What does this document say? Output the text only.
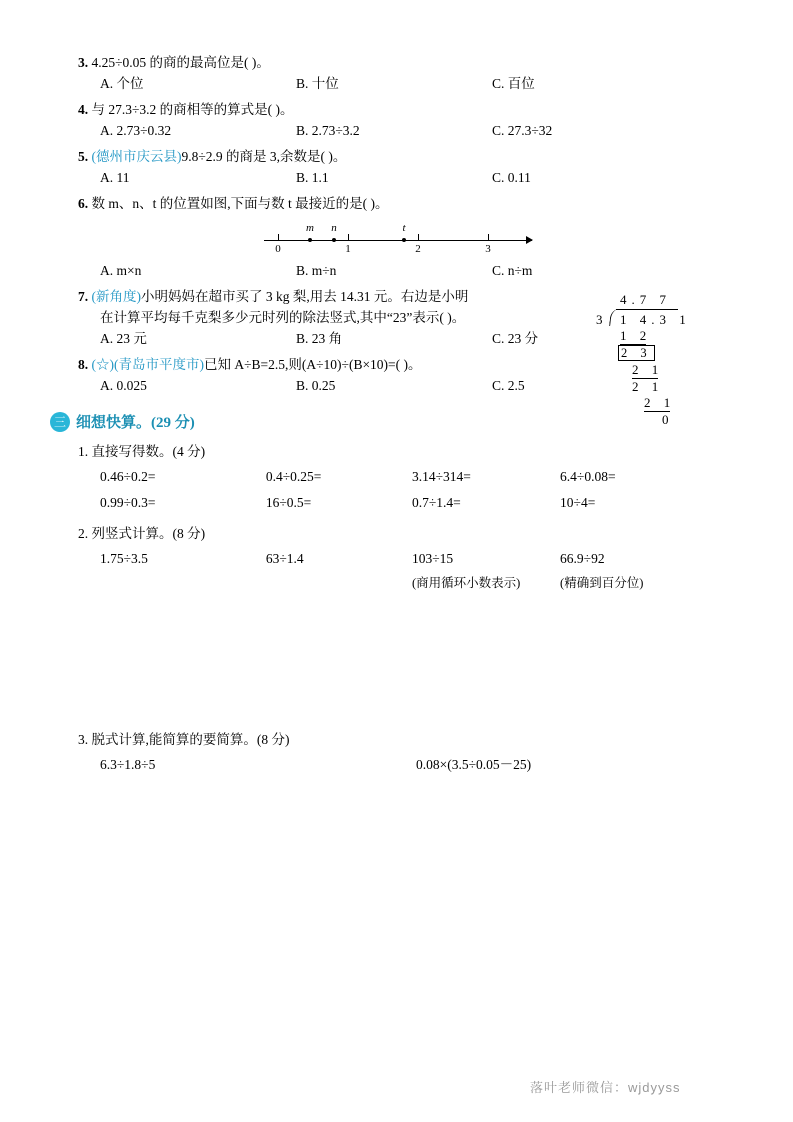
3. 4.25÷0.05 的商的最高位是( )。
A. 个位	B. 十位	C. 百位
4. 与 27.3÷3.2 的商相等的算式是( )。
A. 2.73÷0.32	B. 2.73÷3.2	C. 27.3÷32
5. (德州市庆云县)9.8÷2.9 的商是 3,余数是( )。
A. 11	B. 1.1	C. 0.11
6. 数 m、n、t 的位置如图,下面与数 t 最接近的是( )。
0	1	2	3
m n	t
A. m×n	B. m÷n	C. n÷m
7. (新角度)小明妈妈在超市买了 3 kg 梨,用去 14.31 元。右边是小明
在计算平均每千克梨多少元时列的除法竖式,其中“23”表示( )。
A. 23 元	B. 23 角	C. 23 分
8. (☆)(青岛市平度市)已知 A÷B=2.5,则(A÷10)÷(B×10)=( )。
A. 0.025	B. 0.25	C. 2.5
三 细想快算。(29 分)
1. 直接写得数。(4 分)
0.46÷0.2=	0.4÷0.25=	3.14÷314=	6.4÷0.08=
0.99÷0.3=	16÷0.5=	0.7÷1.4=	10÷4=
2. 列竖式计算。(8 分)
1.75÷3.5	63÷1.4	103÷15	66.9÷92
(商用循环小数表示)	(精确到百分位)
3. 脱式计算,能简算的要简算。(8 分)
6.3÷1.8÷5	0.08×(3.5÷0.05－25)
4.7 7
3 1 4.3 1
1 2
2 3
2 1
2 1
2 1
0
落叶老师微信：wjdyyss
